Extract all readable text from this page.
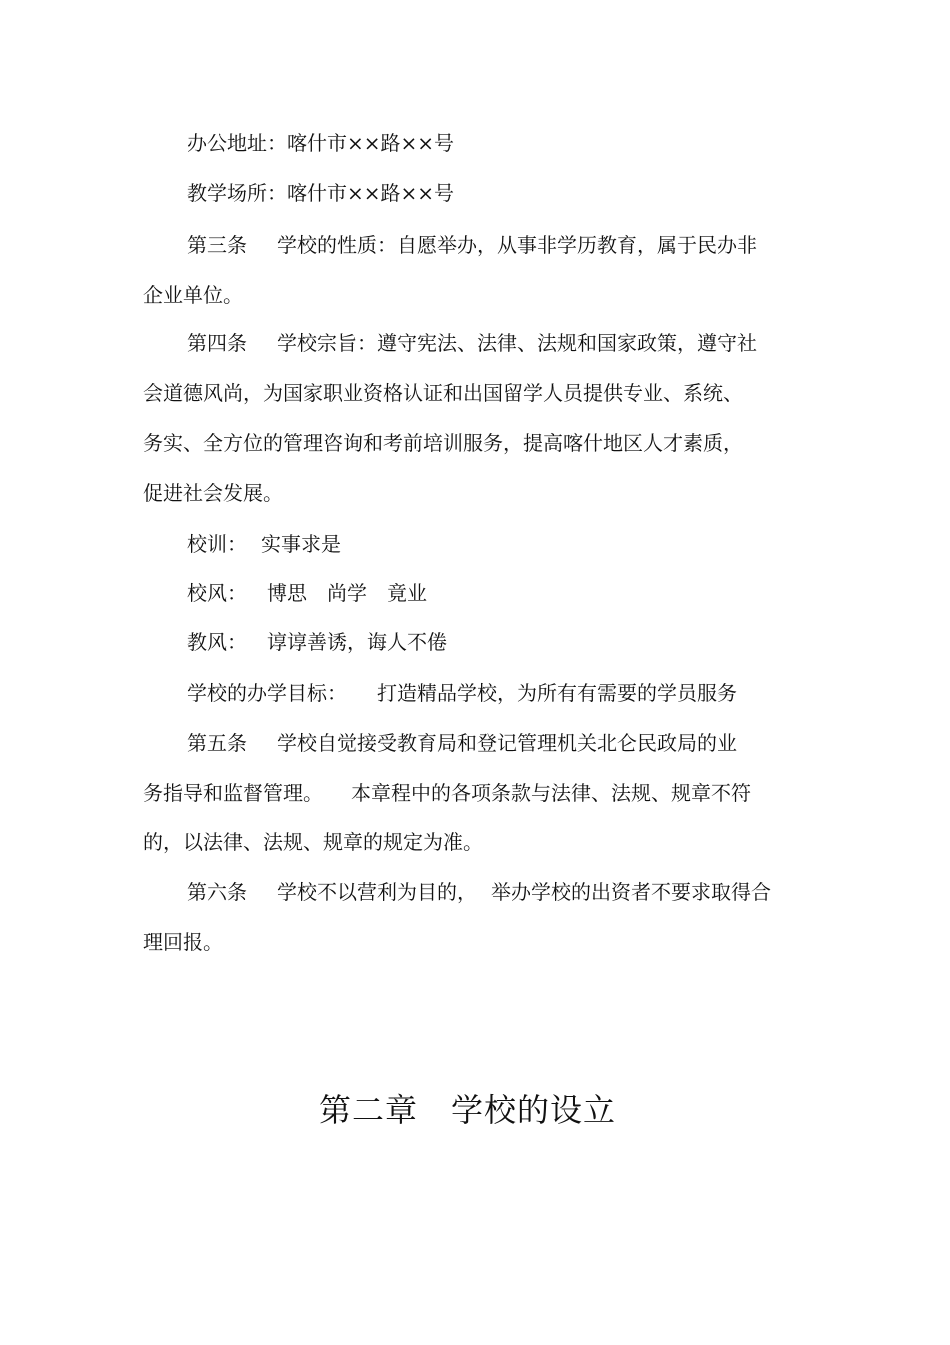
办公地址：喀什市××路××号
教学场所：喀什市××路××号
第三条 学校的性质：自愿举办，从事非学历教育，属于民办非
企业单位。
第四条 学校宗旨：遵守宪法、法律、法规和国家政策，遵守社
会道德风尚，为国家职业资格认证和出国留学人员提供专业、系统、
务实、全方位的管理咨询和考前培训服务，提高喀什地区人才素质，
促进社会发展。
校训： 实事求是
校风： 博思　尚学　竟业
教风： 谆谆善诱，诲人不倦
学校的办学目标： 打造精品学校，为所有有需要的学员服务
第五条 学校自觉接受教育局和登记管理机关北仑民政局的业
务指导和监督管理。 本章程中的各项条款与法律、法规、规章不符
的，以法律、法规、规章的规定为准。
第六条 学校不以营利为目的， 举办学校的出资者不要求取得合
理回报。
第二章　学校的设立
